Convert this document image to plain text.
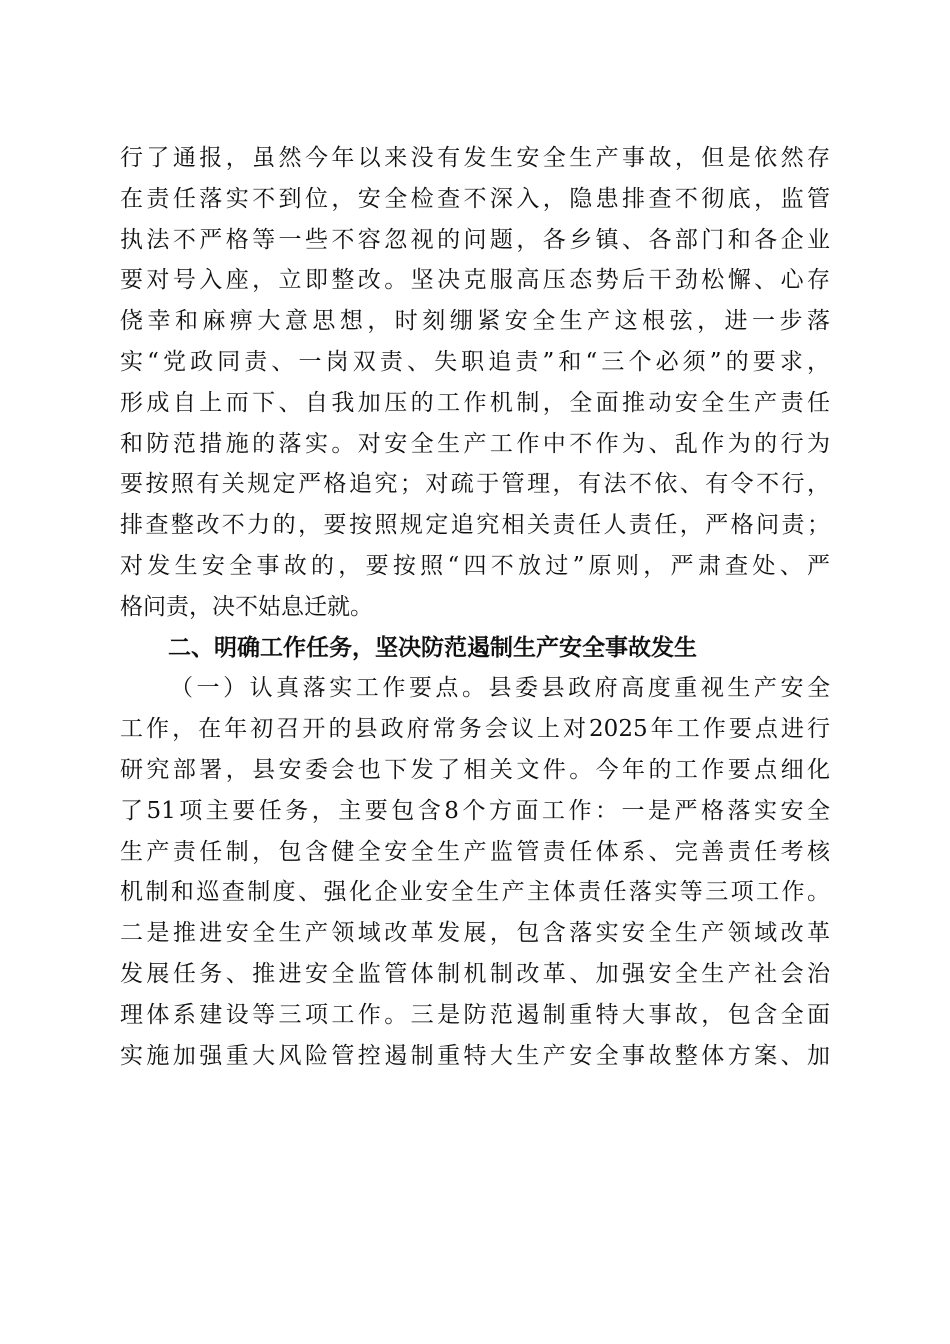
行了通报，虽然今年以来没有发生安全生产事故，但是依然存
在责任落实不到位，安全检查不深入，隐患排查不彻底，监管
执法不严格等一些不容忽视的问题，各乡镇、各部门和各企业
要对号入座，立即整改。坚决克服高压态势后干劲松懈、心存
侥幸和麻痹大意思想，时刻绷紧安全生产这根弦，进一步落
实“党政同责、一岗双责、失职追责”和“三个必须”的要求，
形成自上而下、自我加压的工作机制，全面推动安全生产责任
和防范措施的落实。对安全生产工作中不作为、乱作为的行为
要按照有关规定严格追究；对疏于管理，有法不依、有令不行，
排查整改不力的，要按照规定追究相关责任人责任，严格问责；
对发生安全事故的，要按照“四不放过”原则，严肃查处、严
格问责，决不姑息迁就。
二、明确工作任务，坚决防范遏制生产安全事故发生
（一）认真落实工作要点。县委县政府高度重视生产安全
工作，在年初召开的县政府常务会议上对2025年工作要点进行
研究部署，县安委会也下发了相关文件。今年的工作要点细化
了51项主要任务，主要包含8个方面工作：一是严格落实安全
生产责任制，包含健全安全生产监管责任体系、完善责任考核
机制和巡查制度、强化企业安全生产主体责任落实等三项工作。
二是推进安全生产领域改革发展，包含落实安全生产领域改革
发展任务、推进安全监管体制机制改革、加强安全生产社会治
理体系建设等三项工作。三是防范遏制重特大事故，包含全面
实施加强重大风险管控遏制重特大生产安全事故整体方案、加
